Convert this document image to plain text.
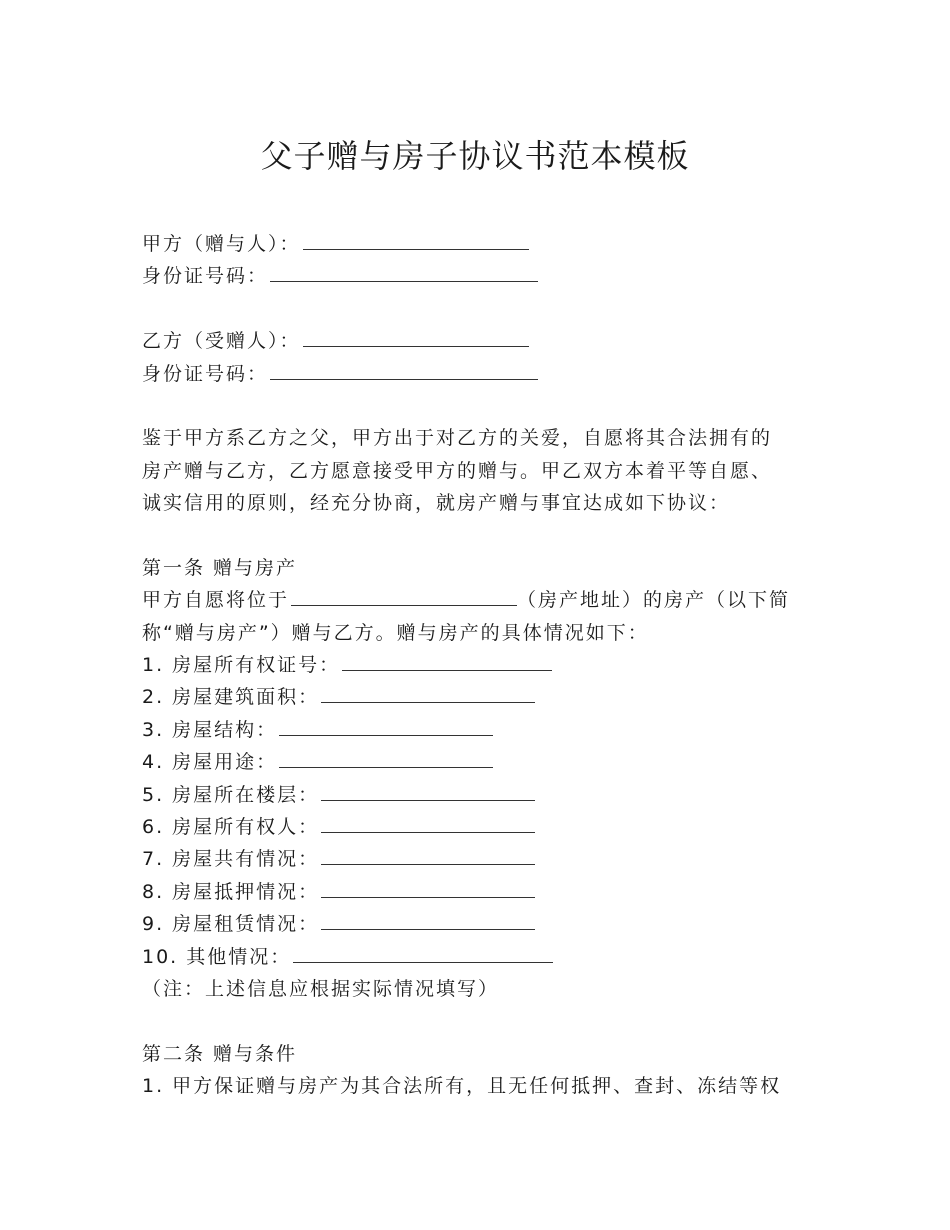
父子赠与房子协议书范本模板
甲方（赠与人）：
身份证号码：
乙方（受赠人）：
身份证号码：
鉴于甲方系乙方之父，甲方出于对乙方的关爱，自愿将其合法拥有的
房产赠与乙方，乙方愿意接受甲方的赠与。甲乙双方本着平等自愿、
诚实信用的原则，经充分协商，就房产赠与事宜达成如下协议：
第一条 赠与房产
甲方自愿将位于	（房产地址）的房产（以下简
称“赠与房产”）赠与乙方。赠与房产的具体情况如下：
1. 房屋所有权证号：
2. 房屋建筑面积：
3. 房屋结构：
4. 房屋用途：
5. 房屋所在楼层：
6. 房屋所有权人：
7. 房屋共有情况：
8. 房屋抵押情况：
9. 房屋租赁情况：
10. 其他情况：
（注：上述信息应根据实际情况填写）
第二条 赠与条件
1. 甲方保证赠与房产为其合法所有，且无任何抵押、查封、冻结等权
